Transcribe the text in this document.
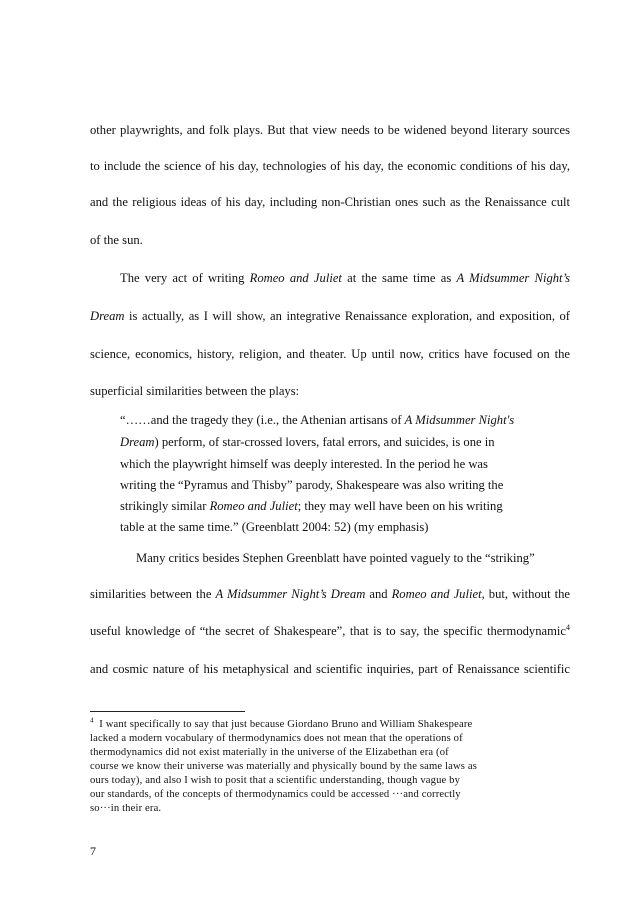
other playwrights, and folk plays. But that view needs to be widened beyond literary sources

to include the science of his day, technologies of his day, the economic conditions of his day,

and the religious ideas of his day, including non-Christian ones such as the Renaissance cult

of the sun.

The very act of writing Romeo and Juliet at the same time as A Midsummer Night’s

Dream is actually, as I will show, an integrative Renaissance exploration, and exposition, of

science, economics, history, religion, and theater. Up until now, critics have focused on the

superficial similarities between the plays:

“……and the tragedy they (i.e., the Athenian artisans of A Midsummer Night's

Dream) perform, of star-crossed lovers, fatal errors, and suicides, is one in

which the playwright himself was deeply interested. In the period he was

writing the “Pyramus and Thisby” parody, Shakespeare was also writing the

strikingly similar Romeo and Juliet; they may well have been on his writing

table at the same time.” (Greenblatt 2004: 52) (my emphasis)

Many critics besides Stephen Greenblatt have pointed vaguely to the “striking”

similarities between the A Midsummer Night’s Dream and Romeo and Juliet, but, without the

useful knowledge of “the secret of Shakespeare”, that is to say, the specific thermodynamic$^4$

and cosmic nature of his metaphysical and scientific inquiries, part of Renaissance scientific

$^4$ I want specifically to say that just because Giordano Bruno and William Shakespeare

lacked a modern vocabulary of thermodynamics does not mean that the operations of

thermodynamics did not exist materially in the universe of the Elizabethan era (of

course we know their universe was materially and physically bound by the same laws as

ours today), and also I wish to posit that a scientific understanding, though vague by

our standards, of the concepts of thermodynamics could be accessed ···and correctly

so···in their era.

7
